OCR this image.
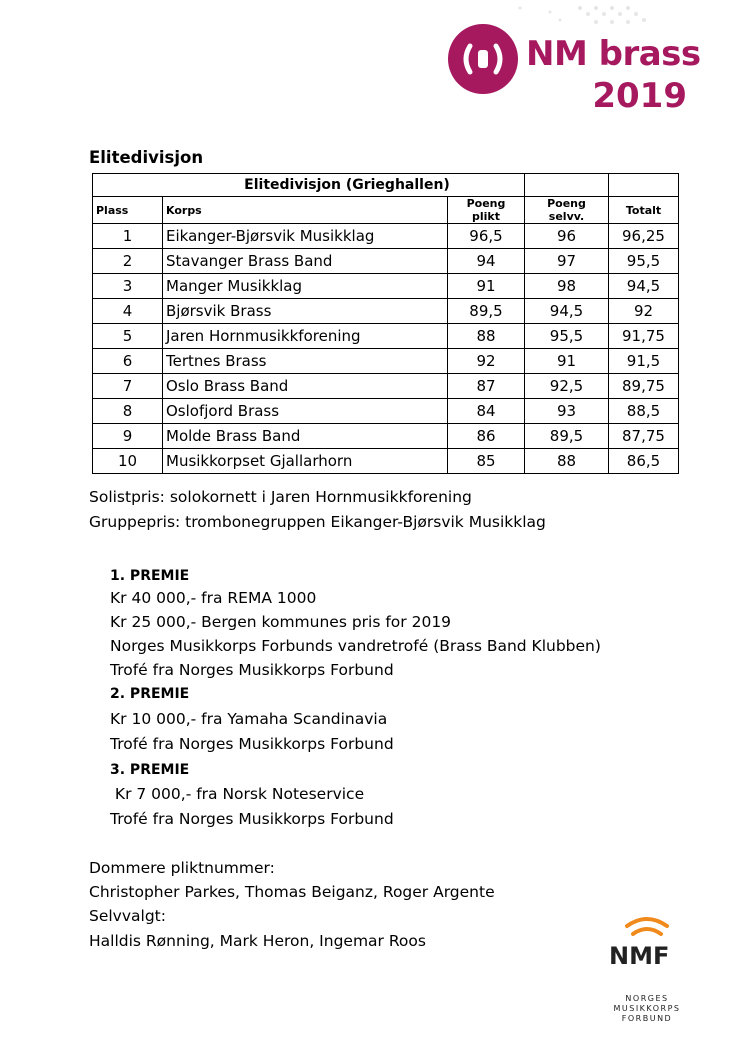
NM brass
2019
Elitedivisjon
Elitedivisjon (Grieghallen)				
Plass	Korps	Poeng plikt	Poeng selvv.	Totalt
1	Eikanger-Bjørsvik Musikklag	96,5	96	96,25
2	Stavanger Brass Band	94	97	95,5
3	Manger Musikklag	91	98	94,5
4	Bjørsvik Brass	89,5	94,5	92
5	Jaren Hornmusikkforening	88	95,5	91,75
6	Tertnes Brass	92	91	91,5
7	Oslo Brass Band	87	92,5	89,75
8	Oslofjord Brass	84	93	88,5
9	Molde Brass Band	86	89,5	87,75
10	Musikkorpset Gjallarhorn	85	88	86,5
Solistpris: solokornett i Jaren Hornmusikkforening
Gruppepris: trombonegruppen Eikanger-Bjørsvik Musikklag
1. PREMIE
Kr 40 000,- fra REMA 1000
Kr 25 000,- Bergen kommunes pris for 2019
Norges Musikkorps Forbunds vandretrofé (Brass Band Klubben)
Trofé fra Norges Musikkorps Forbund
2. PREMIE
Kr 10 000,- fra Yamaha Scandinavia
Trofé fra Norges Musikkorps Forbund
3. PREMIE
Kr 7 000,- fra Norsk Noteservice
Trofé fra Norges Musikkorps Forbund
Dommere pliktnummer:
Christopher Parkes, Thomas Beiganz, Roger Argente
Selvvalgt:
Halldis Rønning, Mark Heron, Ingemar Roos
NMF
NORGES
MUSIKKORPS
FORBUND
